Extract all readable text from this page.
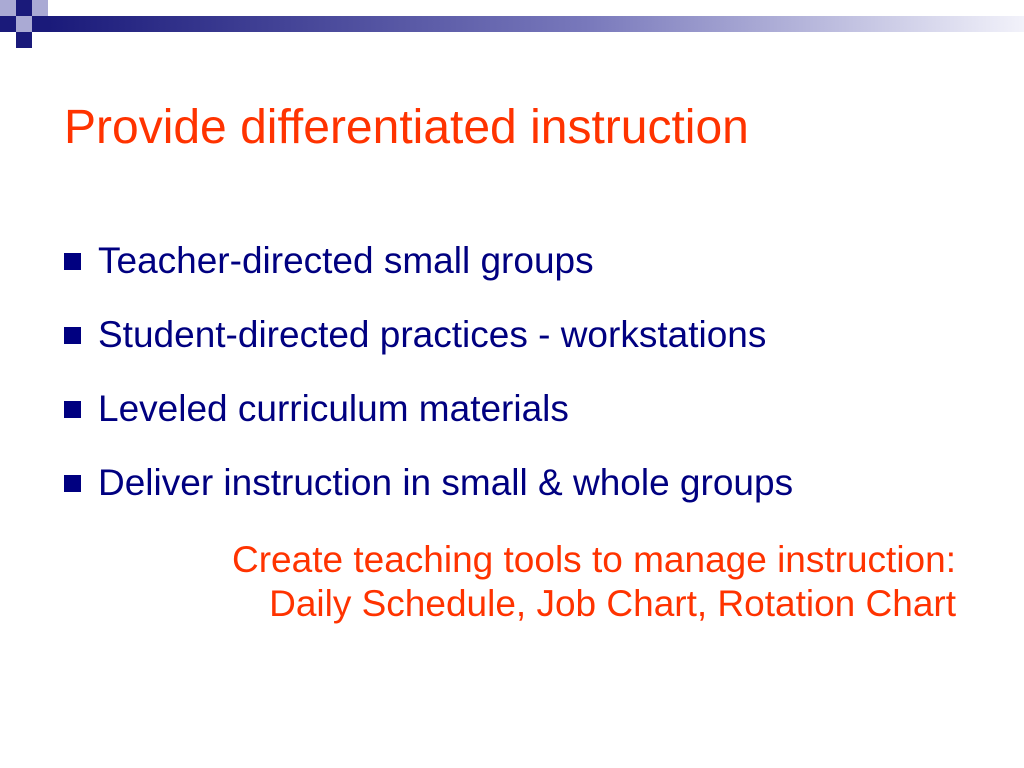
Provide differentiated instruction
Teacher-directed small groups
Student-directed practices - workstations
Leveled curriculum materials
Deliver instruction in small & whole groups

Create teaching tools to manage instruction:
Daily Schedule, Job Chart, Rotation Chart
